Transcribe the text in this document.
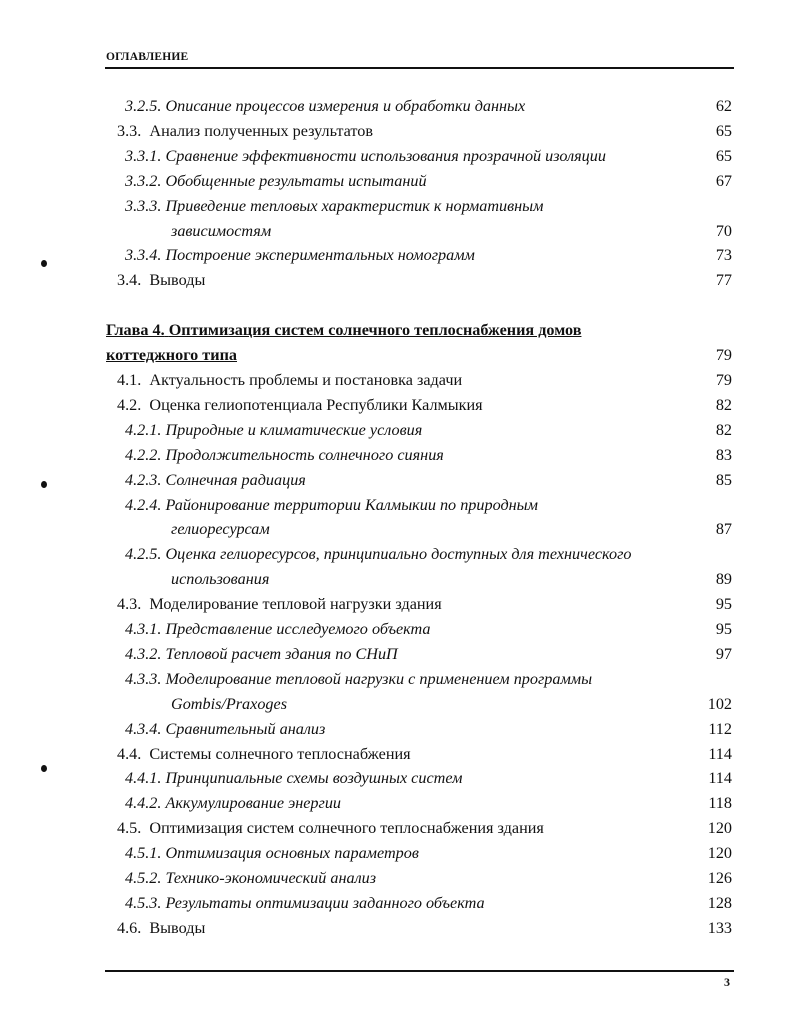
ОГЛАВЛЕНИЕ
3.2.5. Описание процессов измерения и обработки данных	62
3.3. Анализ полученных результатов	65
3.3.1. Сравнение эффективности использования прозрачной изоляции	65
3.3.2. Обобщенные результаты испытаний	67
3.3.3. Приведение тепловых характеристик к нормативным
зависимостям	70
3.3.4. Построение экспериментальных номограмм	73
3.4. Выводы	77
Глава 4. Оптимизация систем солнечного теплоснабжения домов
коттеджного типа	79
4.1. Актуальность проблемы и постановка задачи	79
4.2. Оценка гелиопотенциала Республики Калмыкия	82
4.2.1. Природные и климатические условия	82
4.2.2. Продолжительность солнечного сияния	83
4.2.3. Солнечная радиация	85
4.2.4. Районирование территории Калмыкии по природным
гелиоресурсам	87
4.2.5. Оценка гелиоресурсов, принципиально доступных для технического
использования	89
4.3. Моделирование тепловой нагрузки здания	95
4.3.1. Представление исследуемого объекта	95
4.3.2. Тепловой расчет здания по СНиП	97
4.3.3. Моделирование тепловой нагрузки с применением программы
Gombis/Praxoges	102
4.3.4. Сравнительный анализ	112
4.4. Системы солнечного теплоснабжения	114
4.4.1. Принципиальные схемы воздушных систем	114
4.4.2. Аккумулирование энергии	118
4.5. Оптимизация систем солнечного теплоснабжения здания	120
4.5.1. Оптимизация основных параметров	120
4.5.2. Технико-экономический анализ	126
4.5.3. Результаты оптимизации заданного объекта	128
4.6. Выводы	133
3
